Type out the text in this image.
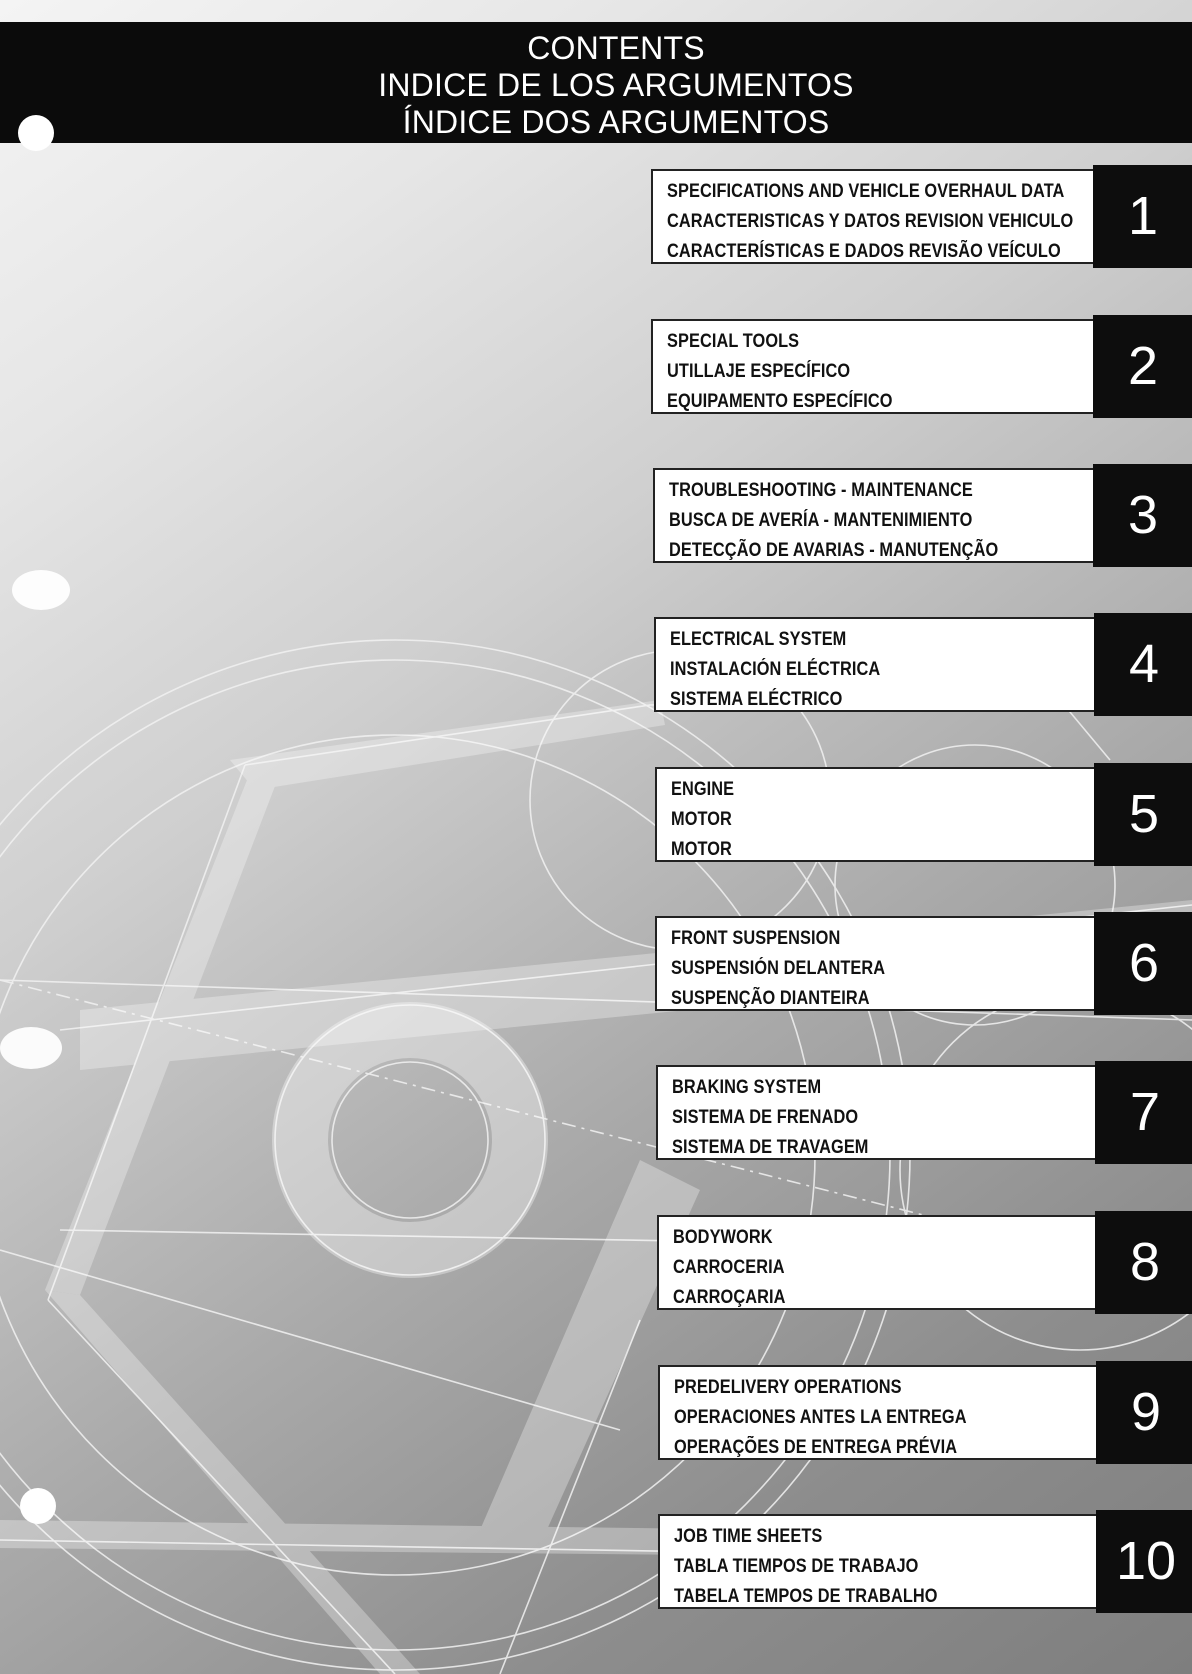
CONTENTS
INDICE DE LOS ARGUMENTOS
ÍNDICE DOS ARGUMENTOS
SPECIFICATIONS AND VEHICLE OVERHAUL DATA
CARACTERISTICAS Y DATOS REVISION VEHICULO
CARACTERÍSTICAS E DADOS REVISÃO VEÍCULO
1
SPECIAL TOOLS
UTILLAJE ESPECÍFICO
EQUIPAMENTO ESPECÍFICO
2
TROUBLESHOOTING - MAINTENANCE
BUSCA DE AVERÍA - MANTENIMIENTO
DETECÇÃO DE AVARIAS - MANUTENÇÃO
3
ELECTRICAL SYSTEM
INSTALACIÓN ELÉCTRICA
SISTEMA ELÉCTRICO
4
ENGINE
MOTOR
MOTOR
5
FRONT SUSPENSION
SUSPENSIÓN DELANTERA
SUSPENÇÃO DIANTEIRA
6
BRAKING SYSTEM
SISTEMA DE FRENADO
SISTEMA DE TRAVAGEM
7
BODYWORK
CARROCERIA
CARROÇARIA
8
PREDELIVERY OPERATIONS
OPERACIONES ANTES LA ENTREGA
OPERAÇÕES DE ENTREGA PRÉVIA
9
JOB TIME SHEETS
TABLA TIEMPOS DE TRABAJO
TABELA TEMPOS DE TRABALHO
10
